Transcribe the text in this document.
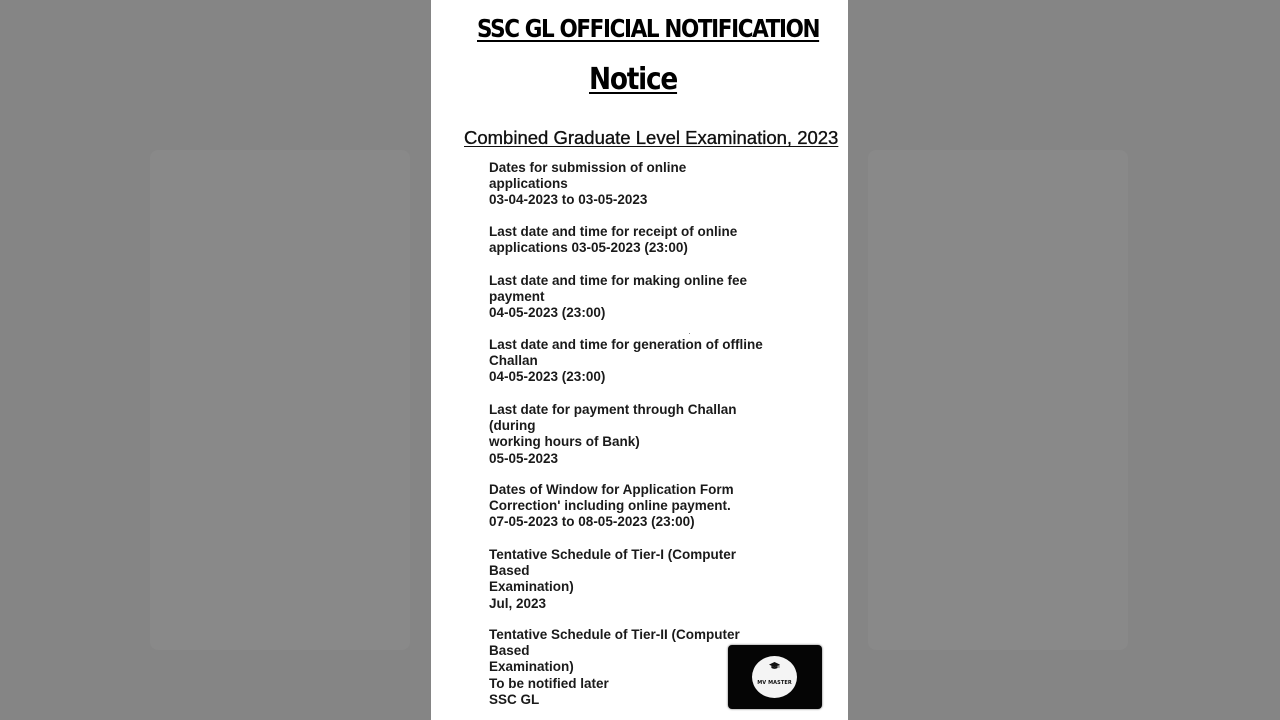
SSC GL OFFICIAL NOTIFICATION
Notice
Combined Graduate Level Examination, 2023
Dates for submission of online
applications
03-04-2023 to 03-05-2023
Last date and time for receipt of online
applications 03-05-2023 (23:00)
Last date and time for making online fee
payment
04-05-2023 (23:00)
Last date and time for generation of offline
Challan
04-05-2023 (23:00)
Last date for payment through Challan
(during
working hours of Bank)
05-05-2023
Dates of Window for Application Form
Correction' including online payment.
07-05-2023 to 08-05-2023 (23:00)
Tentative Schedule of Tier-I (Computer
Based
Examination)
Jul, 2023
Tentative Schedule of Tier-II (Computer
Based
Examination)
To be notified later
SSC GL
MV MASTER
